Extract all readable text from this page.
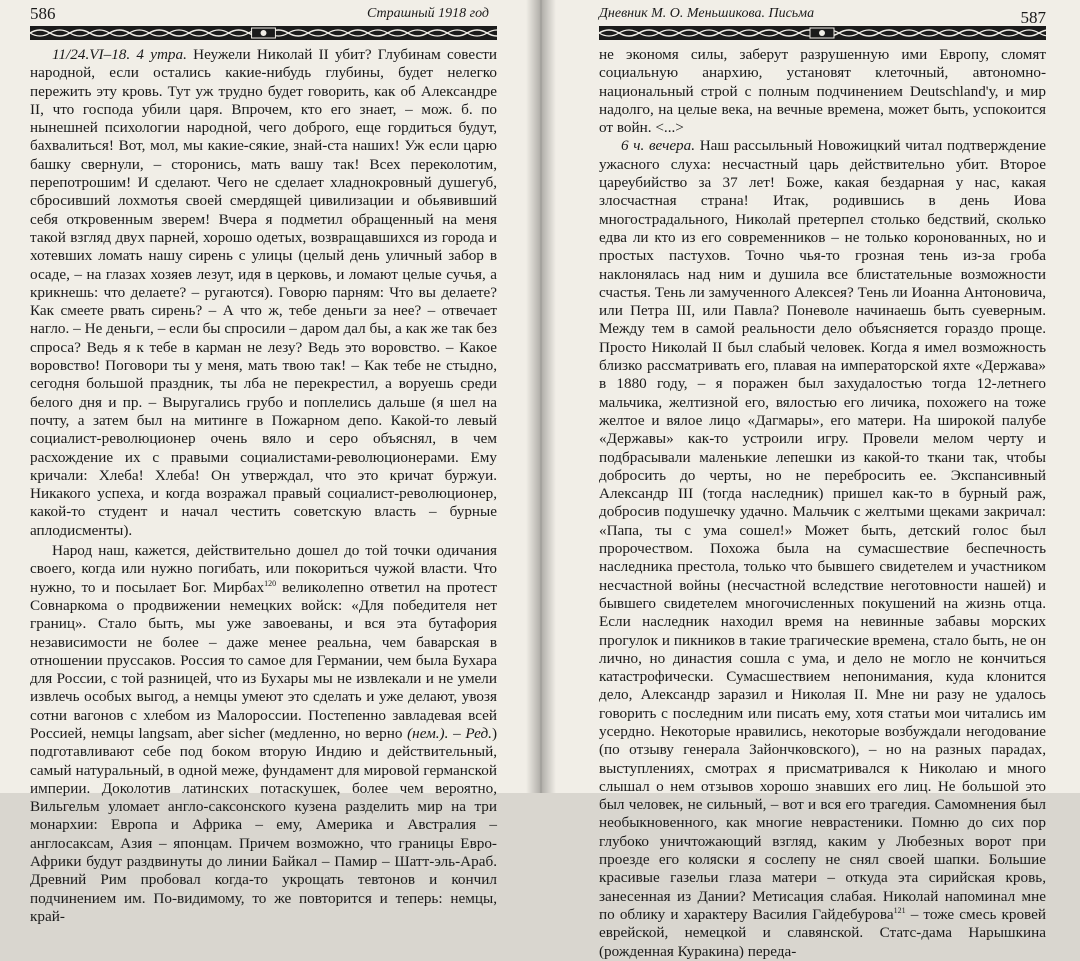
586	Страшный 1918 год

11/24.VI–18. 4 утра. Неужели Николай II убит? Глубинам совести народной, если остались какие-нибудь глубины, будет нелегко пережить эту кровь. Тут уж трудно будет говорить, как об Александре II, что господа убили царя. Впрочем, кто его знает, – мож. б. по нынешней психологии народной, чего доброго, еще гордиться будут, бахвалиться! Вот, мол, мы какие-сякие, знай-ста наших! Уж если царю башку свернули, – сторонись, мать вашу так! Всех переколотим, перепотрошим! И сделают. Чего не сделает хладнокровный душегуб, сбросивший лохмотья своей смердящей цивилизации и обьявивший себя откровенным зверем! Вчера я подметил обращенный на меня такой взгляд двух парней, хорошо одетых, возвращавшихся из города и хотевших ломать нашу сирень с улицы (целый день уличный забор в осаде, – на глазах хозяев лезут, идя в церковь, и ломают целые сучья, а крикнешь: что делаете? – ругаются). Говорю парням: Что вы делаете? Как смеете рвать сирень? – А что ж, тебе деньги за нее? – отвечает нагло. – Не деньги, – если бы спросили – даром дал бы, а как же так без спроса? Ведь я к тебе в карман не лезу? Ведь это воровство. – Какое воровство! Поговори ты у меня, мать твою так! – Как тебе не стыдно, сегодня большой праздник, ты лба не перекрестил, а воруешь среди белого дня и пр. – Выругались грубо и поплелись дальше (я шел на почту, а затем был на митинге в Пожарном депо. Какой-то левый социалист-революционер очень вяло и серо объяснял, в чем расхождение их с правыми социалистами-революционерами. Ему кричали: Хлеба! Хлеба! Он утверждал, что это кричат буржуи. Никакого успеха, и когда возражал правый социалист-революционер, какой-то студент и начал честить советскую власть – бурные аплодисменты).

Народ наш, кажется, действительно дошел до той точки одичания своего, когда или нужно погибать, или покориться чужой власти. Что нужно, то и посылает Бог. Мирбах$^{120}$ великолепно ответил на протест Совнаркома о продвижении немецких войск: «Для победителя нет границ». Стало быть, мы уже завоеваны, и вся эта бутафория независимости не более – даже менее реальна, чем баварская в отношении пруссаков. Россия то самое для Германии, чем была Бухара для России, с той разницей, что из Бухары мы не извлекали и не умели извлечь особых выгод, а немцы умеют это сделать и уже делают, увозя сотни вагонов с хлебом из Малороссии. Постепенно завладевая всей Россией, немцы langsam, aber sicher (медленно, но верно (нем.). – Ред.) подготавливают себе под боком вторую Индию и действительный, самый натуральный, в одной меже, фундамент для мировой германской империи. Доколотив латинских потаскушек, более чем вероятно, Вильгельм уломает англо-саксонского кузена разделить мир на три монархии: Европа и Африка – ему, Америка и Австралия – англосаксам, Азия – японцам. Причем возможно, что границы Евро-Африки будут раздвинуты до линии Байкал – Памир – Шатт-эль-Араб. Древний Рим пробовал когда-то укрощать тевтонов и кончил подчинением им. По-видимому, то же повторится и теперь: немцы, край-

Дневник М. О. Меньшикова. Письма	587

не экономя силы, заберут разрушенную ими Европу, сломят социальную анархию, установят клеточный, автономно-национальный строй с полным подчинением Deutschland'у, и мир надолго, на целые века, на вечные времена, может быть, успокоится от войн. <...>

6 ч. вечера. Наш рассыльный Новожицкий читал подтверждение ужасного слуха: несчастный царь действительно убит. Второе цареубийство за 37 лет! Боже, какая бездарная у нас, какая злосчастная страна! Итак, родившись в день Иова многострадального, Николай претерпел столько бедствий, сколько едва ли кто из его современников – не только коронованных, но и простых пастухов. Точно чья-то грозная тень из-за гроба наклонялась над ним и душила все блистательные возможности счастья. Тень ли замученного Алексея? Тень ли Иоанна Антоновича, или Петра III, или Павла? Поневоле начинаешь быть суеверным. Между тем в самой реальности дело объясняется гораздо проще. Просто Николай II был слабый человек. Когда я имел возможность близко рассматривать его, плавая на императорской яхте «Держава» в 1880 году, – я поражен был захудалостью тогда 12-летнего мальчика, желтизной его, вялостью его личика, похожего на тоже желтое и вялое лицо «Дагмары», его матери. На широкой палубе «Державы» как-то устроили игру. Провели мелом черту и подбрасывали маленькие лепешки из какой-то ткани так, чтобы добросить до черты, но не перебросить ее. Экспансивный Александр III (тогда наследник) пришел как-то в бурный раж, добросив подушечку удачно. Мальчик с желтыми щеками закричал: «Папа, ты с ума сошел!» Может быть, детский голос был пророчеством. Похожа была на сумасшествие беспечность наследника престола, только что бывшего свидетелем и участником несчастной войны (несчастной вследствие неготовности нашей) и бывшего свидетелем многочисленных покушений на жизнь отца. Если наследник находил время на невинные забавы морских прогулок и пикников в такие трагические времена, стало быть, не он лично, но династия сошла с ума, и дело не могло не кончиться катастрофически. Сумасшествием непонимания, куда клонится дело, Александр заразил и Николая II. Мне ни разу не удалось говорить с последним или писать ему, хотя статьи мои читались им усердно. Некоторые нравились, некоторые возбуждали негодование (по отзыву генерала Зайончковского), – но на разных парадах, выступлениях, смотрах я присматривался к Николаю и много слышал о нем отзывов хорошо знавших его лиц. Не большой это был человек, не сильный, – вот и вся его трагедия. Самомнения был необыкновенного, как многие неврастеники. Помню до сих пор глубоко уничтожающий взгляд, каким у Любезных ворот при проезде его коляски я сослепу не снял своей шапки. Большие красивые газельи глаза матери – откуда эта сирийская кровь, занесенная из Дании? Метисация слабая. Николай напоминал мне по облику и характеру Василия Гайдебурова$^{121}$ – тоже смесь кровей еврейской, немецкой и славянской. Статс-дама Нарышкина (рожденная Куракина) переда-
